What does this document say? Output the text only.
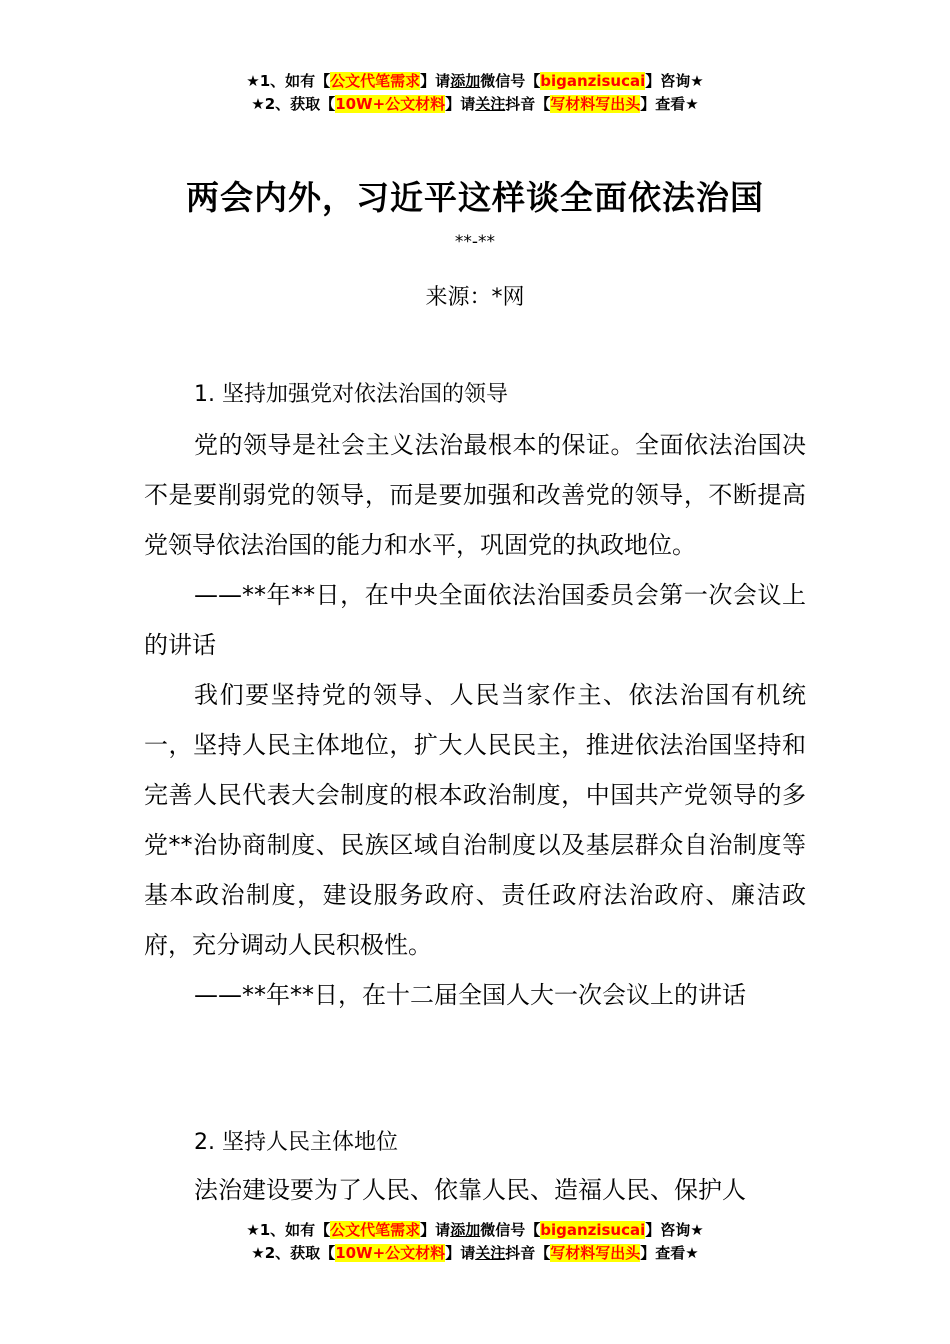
★1、如有【公文代笔需求】请添加微信号【biganzisucai】咨询★
★2、获取【10W+公文材料】请关注抖音【写材料写出头】查看★
两会内外，习近平这样谈全面依法治国
**-**
来源：*网
1. 坚持加强党对依法治国的领导

党的领导是社会主义法治最根本的保证。全面依法治国决不是要削弱党的领导，而是要加强和改善党的领导，不断提高党领导依法治国的能力和水平，巩固党的执政地位。

——**年**日，在中央全面依法治国委员会第一次会议上的讲话

我们要坚持党的领导、人民当家作主、依法治国有机统一，坚持人民主体地位，扩大人民民主，推进依法治国坚持和完善人民代表大会制度的根本政治制度，中国共产党领导的多党**治协商制度、民族区域自治制度以及基层群众自治制度等基本政治制度，建设服务政府、责任政府法治政府、廉洁政府，充分调动人民积极性。

——**年**日，在十二届全国人大一次会议上的讲话

2. 坚持人民主体地位

法治建设要为了人民、依靠人民、造福人民、保护人

★1、如有【公文代笔需求】请添加微信号【biganzisucai】咨询★
★2、获取【10W+公文材料】请关注抖音【写材料写出头】查看★
